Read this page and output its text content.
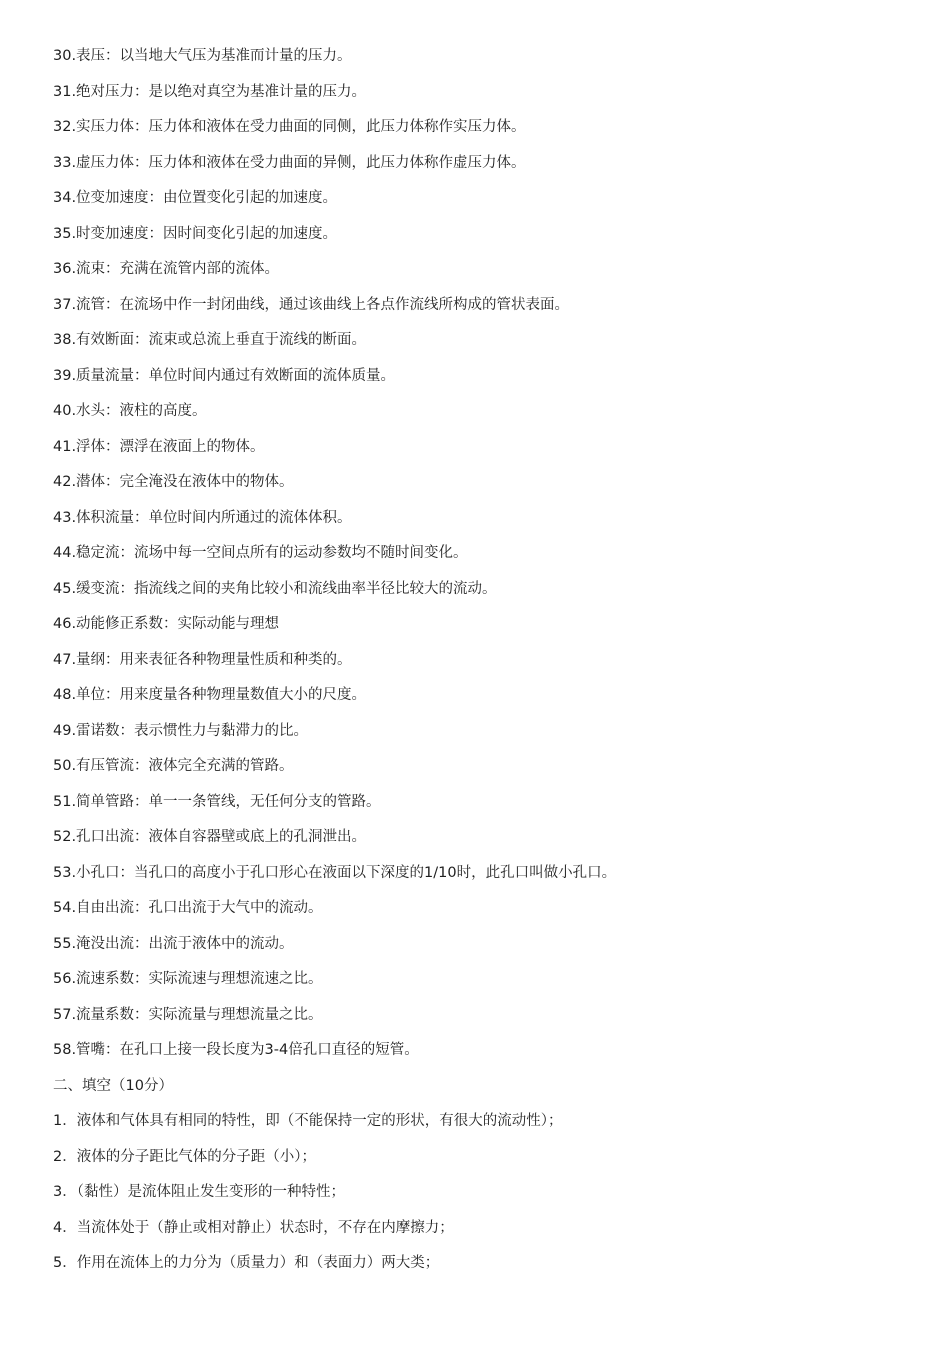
30.表压：以当地大气压为基准而计量的压力。
31.绝对压力：是以绝对真空为基准计量的压力。
32.实压力体：压力体和液体在受力曲面的同侧，此压力体称作实压力体。
33.虚压力体：压力体和液体在受力曲面的异侧，此压力体称作虚压力体。
34.位变加速度：由位置变化引起的加速度。
35.时变加速度：因时间变化引起的加速度。
36.流束：充满在流管内部的流体。
37.流管：在流场中作一封闭曲线，通过该曲线上各点作流线所构成的管状表面。
38.有效断面：流束或总流上垂直于流线的断面。
39.质量流量：单位时间内通过有效断面的流体质量。
40.水头：液柱的高度。
41.浮体：漂浮在液面上的物体。
42.潜体：完全淹没在液体中的物体。
43.体积流量：单位时间内所通过的流体体积。
44.稳定流：流场中每一空间点所有的运动参数均不随时间变化。
45.缓变流：指流线之间的夹角比较小和流线曲率半径比较大的流动。
46.动能修正系数：实际动能与理想
47.量纲：用来表征各种物理量性质和种类的。
48.单位：用来度量各种物理量数值大小的尺度。
49.雷诺数：表示惯性力与黏滞力的比。
50.有压管流：液体完全充满的管路。
51.简单管路：单一一条管线，无任何分支的管路。
52.孔口出流：液体自容器壁或底上的孔洞泄出。
53.小孔口：当孔口的高度小于孔口形心在液面以下深度的1/10时，此孔口叫做小孔口。
54.自由出流：孔口出流于大气中的流动。
55.淹没出流：出流于液体中的流动。
56.流速系数：实际流速与理想流速之比。
57.流量系数：实际流量与理想流量之比。
58.管嘴：在孔口上接一段长度为3-4倍孔口直径的短管。
二、填空（10分）
1．液体和气体具有相同的特性，即（不能保持一定的形状，有很大的流动性）；
2．液体的分子距比气体的分子距（小）；
3．（黏性）是流体阻止发生变形的一种特性；
4．当流体处于（静止或相对静止）状态时，不存在内摩擦力；
5．作用在流体上的力分为（质量力）和（表面力）两大类；
